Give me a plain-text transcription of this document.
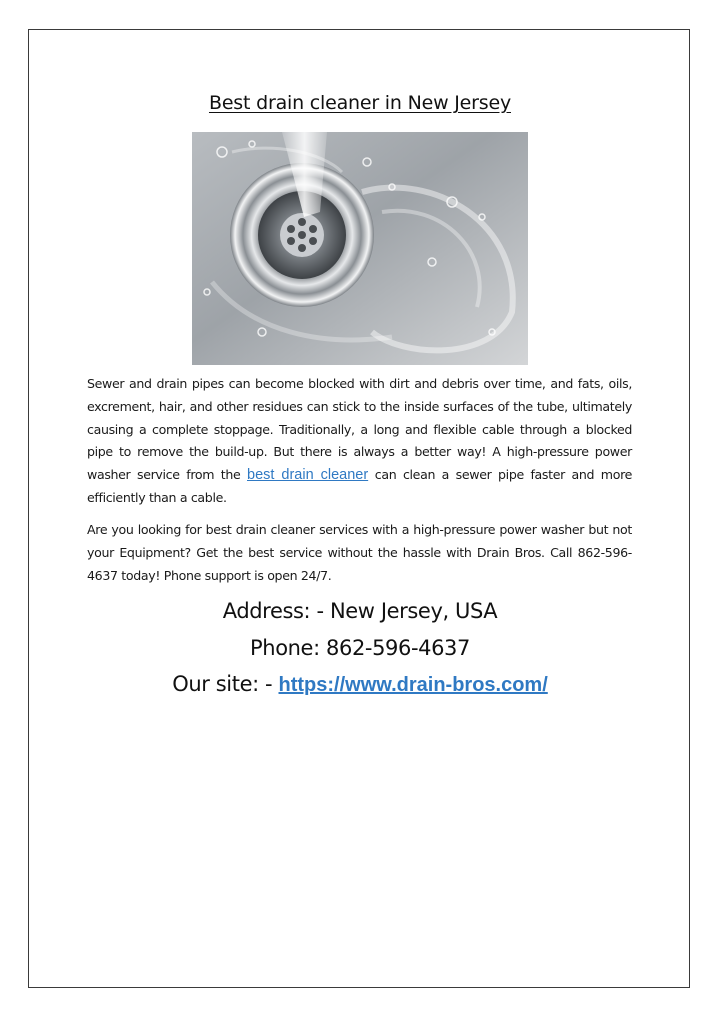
Best drain cleaner in New Jersey
Sewer and drain pipes can become blocked with dirt and debris over time, and fats, oils, excrement, hair, and other residues can stick to the inside surfaces of the tube, ultimately causing a complete stoppage. Traditionally, a long and flexible cable through a blocked pipe to remove the build-up. But there is always a better way! A high-pressure power washer service from the best drain cleaner can clean a sewer pipe faster and more efficiently than a cable.
Are you looking for best drain cleaner services with a high-pressure power washer but not your Equipment? Get the best service without the hassle with Drain Bros. Call 862-596-4637 today! Phone support is open 24/7.
Address: - New Jersey, USA
Phone: 862-596-4637
Our site: - https://www.drain-bros.com/
